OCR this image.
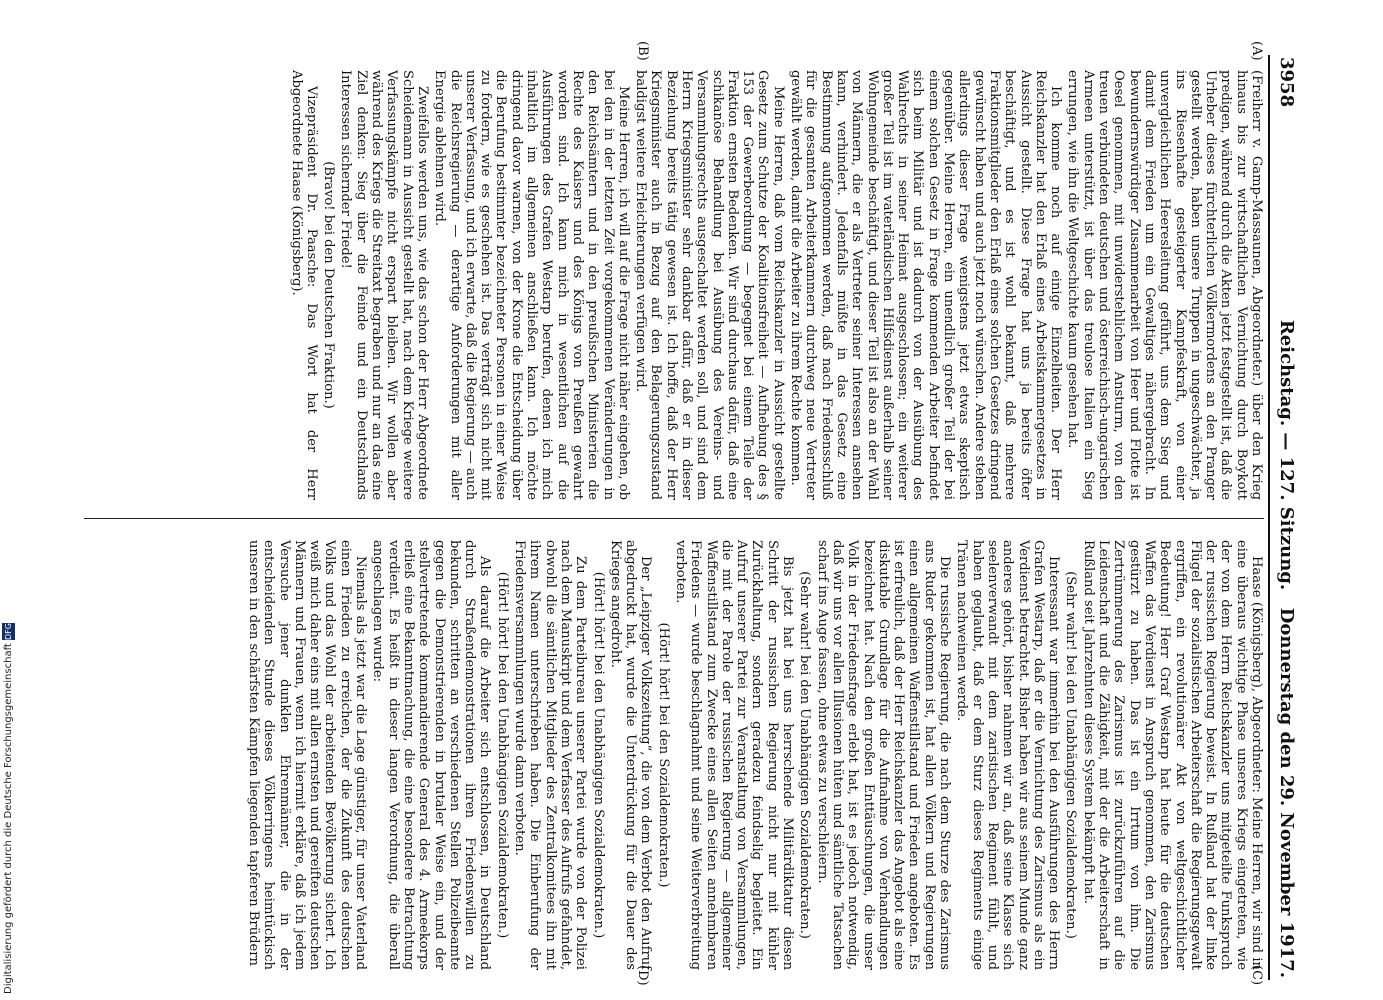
3958
Reichstag. — 127. Sitzung.
Donnerstag den 29. November 1917.
(A)
(B)
(C)
(D)

(Freiherr v. Gamp-Massaunen, Abgeordneter.) über den Krieg hinaus bis zur wirtschaftlichen Vernichtung durch Boykott predigen, während durch die Akten jetzt festgestellt ist, daß die Urheber dieses fürchterlichen Völkermordens an den Pranger gestellt werden, haben unsere Truppen in ungeschwächter, ja ins Riesenhafte gesteigerter Kampfeskraft, von einer unvergleichlichen Heeresleitung geführt, uns dem Sieg und damit dem Frieden um ein Gewaltiges nähergebracht. In bewundernswürdiger Zusammenarbeit von Heer und Flotte ist Oesel genommen, mit unwiderstehlichem Ansturm, von den treuen verbündeten deutschen und österreichisch-ungarischen Armeen unterstützt, ist über das treulose Italien ein Sieg errungen, wie ihn die Weltgeschichte kaum gesehen hat.

Ich komme noch auf einige Einzelheiten. Der Herr Reichskanzler hat den Erlaß eines Arbeitskammergesetzes in Aussicht gestellt. Diese Frage hat uns ja bereits öfter beschäftigt, und es ist wohl bekannt, daß mehrere Fraktionsmitglieder den Erlaß eines solchen Gesetzes dringend gewünscht haben und auch jetzt noch wünschen. Andere stehen allerdings dieser Frage wenigstens jetzt etwas skeptisch gegenüber. Meine Herren, ein unendlich großer Teil der bei einem solchen Gesetz in Frage kommenden Arbeiter befindet sich beim Militär und ist dadurch von der Ausübung des Wahlrechts in seiner Heimat ausgeschlossen; ein weiterer großer Teil ist im vaterländischen Hilfsdienst außerhalb seiner Wohngemeinde beschäftigt, und dieser Teil ist also an der Wahl von Männern, die er als Vertreter seiner Interessen ansehen kann, verhindert. Jedenfalls müßte in das Gesetz eine Bestimmung aufgenommen werden, daß nach Friedensschluß für die gesamten Arbeiterkammern durchweg neue Vertreter gewählt werden, damit die Arbeiter zu ihrem Rechte kommen.

Meine Herren, daß vom Reichskanzler in Aussicht gestellte Gesetz zum Schutze der Koalitionsfreiheit — Aufhebung des § 153 der Gewerbeordnung — begegnet bei einem Teile der Fraktion ernsten Bedenken. Wir sind durchaus dafür, daß eine schikanöse Behandlung bei Ausübung des Vereins- und Versammlungsrechts ausgeschaltet werden soll, und sind dem Herrn Kriegsminister sehr dankbar dafür, daß er in dieser Beziehung bereits tätig gewesen ist. Ich hoffe, daß der Herr Kriegsminister auch in Bezug auf den Belagerungszustand baldigst weitere Erleichterungen verfügen wird.

Meine Herren, ich will auf die Frage nicht näher eingehen, ob bei den in der letzten Zeit vorgekommenen Veränderungen in den Reichsämtern und in den preußischen Ministerien die Rechte des Kaisers und des Königs von Preußen gewahrt worden sind. Ich kann mich in wesentlichen auf die Ausführungen des Grafen Westarp berufen, denen ich mich inhaltlich im allgemeinen anschließen kann. Ich möchte dringend davor warnen, von der Krone die Entscheidung über die Berufung bestimmter bezeichneter Personen in einer Weise zu fordern, wie es geschehen ist. Das verträgt sich nicht mit unserer Verfassung, und ich erwarte, daß die Regierung — auch die Reichsregierung — derartige Anforderungen mit aller Energie ablehnen wird.

Zweifellos werden uns, wie das schon der Herr Abgeordnete Scheidemann in Aussicht gestellt hat, nach dem Kriege weitere Verfassungskämpfe nicht erspart bleiben. Wir wollen aber während des Kriegs die Streitaxt begraben und nur an das eine Ziel denken: Sieg über die Feinde und ein Deutschlands Interessen sichernder Friede!

(Bravo! bei den Deutschen Fraktion.)

Vizepräsident Dr. Paasche: Das Wort hat der Herr Abgeordnete Haase (Königsberg).

Haase (Königsberg), Abgeordneter: Meine Herren, wir sind in eine überaus wichtige Phase unseres Kriegs eingetreten, wie der von dem Herrn Reichskanzler uns mitgeteilte Funkspruch der russischen Regierung beweist. In Rußland hat der linke Flügel der sozialistischen Arbeiterschaft die Regierungsgewalt ergriffen, ein revolutionärer Akt von weltgeschichtlicher Bedeutung! Herr Graf Westarp hat heute für die deutschen Waffen das Verdienst in Anspruch genommen, den Zarismus gestürzt zu haben. Das ist ein Irrtum von ihm. Die Zertrümmerung des Zarismus ist zurückzuführen auf die Leidenschaft und die Zähigkeit, mit der die Arbeiterschaft in Rußland seit Jahrzehnten dieses System bekämpft hat.

(Sehr wahr! bei den Unabhängigen Sozialdemokraten.)

Interessant war immerhin bei den Ausführungen des Herrn Grafen Westarp, daß er die Vernichtung des Zarismus als ein Verdienst betrachtet. Bisher haben wir aus seinem Munde ganz anderes gehört, bisher nahmen wir an, daß seine Klasse sich seelenverwandt mit dem zaristischen Regiment fühlt, und haben geglaubt, daß er dem Sturz dieses Regiments einige Tränen nachweinen werde.

Die russische Regierung, die nach dem Sturze des Zarismus ans Ruder gekommen ist, hat allen Völkern und Regierungen einen allgemeinen Waffenstillstand und Frieden angeboten. Es ist erfreulich, daß der Herr Reichskanzler das Angebot als eine diskutable Grundlage für die Aufnahme von Verhandlungen bezeichnet hat. Nach den großen Enttäuschungen, die unser Volk in der Friedensfrage erlebt hat, ist es jedoch notwendig, daß wir uns vor allen Illusionen hüten und sämtliche Tatsachen scharf ins Auge fassen, ohne etwas zu verschleiern.

(Sehr wahr! bei den Unabhängigen Sozialdemokraten.)

Bis jetzt hat bei uns herrschende Militärdiktatur diesen Schritt der russischen Regierung nicht nur mit kühler Zurückhaltung, sondern geradezu feindselig begleitet. Ein Aufruf unserer Partei zur Veranstaltung von Versammlungen, die mit der Parole der russischen Regierung — allgemeiner Waffenstillstand zum Zwecke eines allen Seiten annehmbaren Friedens — wurde beschlagnahmt und seine Weiterverbreitung verboten.

(Hört! hört! bei den Sozialdemokraten.)

Der „Leipziger Volkszeitung“, die von dem Verbot den Aufruf abgedruckt hat, wurde die Unterdrückung für die Dauer des Krieges angedroht.

(Hört! hört! bei den Unabhängigen Sozialdemokraten.)

Zu dem Parteibureau unserer Partei wurde von der Polizei nach dem Manuskript und dem Verfasser des Aufrufs gefahndet, obwohl die sämtlichen Mitglieder des Zentralkomitees ihn mit ihrem Namen unterschrieben haben. Die Einberufung der Friedensversammlungen wurde dann verboten.

(Hört! hört! bei den Unabhängigen Sozialdemokraten.)

Als darauf die Arbeiter sich entschlossen, in Deutschland durch Straßendemonstrationen ihren Friedenswillen zu bekunden, schritten an verschiedenen Stellen Polizeibeamte gegen die Demonstrierenden in brutaler Weise ein, und der stellvertretende kommandierende General des 4. Armeekorps erließ eine Bekanntmachung, die eine besondere Betrachtung verdient. Es heißt in dieser langen Verordnung, die überall angeschlagen wurde:

Niemals als jetzt war die Lage günstiger, für unser Vaterland einen Frieden zu erreichen, der die Zukunft des deutschen Volks und das Wohl der arbeitenden Bevölkerung sichert. Ich weiß mich daher eins mit allen ernsten und gereiften deutschen Männern und Frauen, wenn ich hiermit erkläre, daß ich jedem Versuche jener dunklen Ehrenmänner, die in der entscheidenden Stunde dieses Völkerringens heimtückisch unseren in den schärfsten Kämpfen liegenden tapferen Brüdern

Digitalisierung gefördert durch die Deutsche Forschungsgemeinschaft DFG
